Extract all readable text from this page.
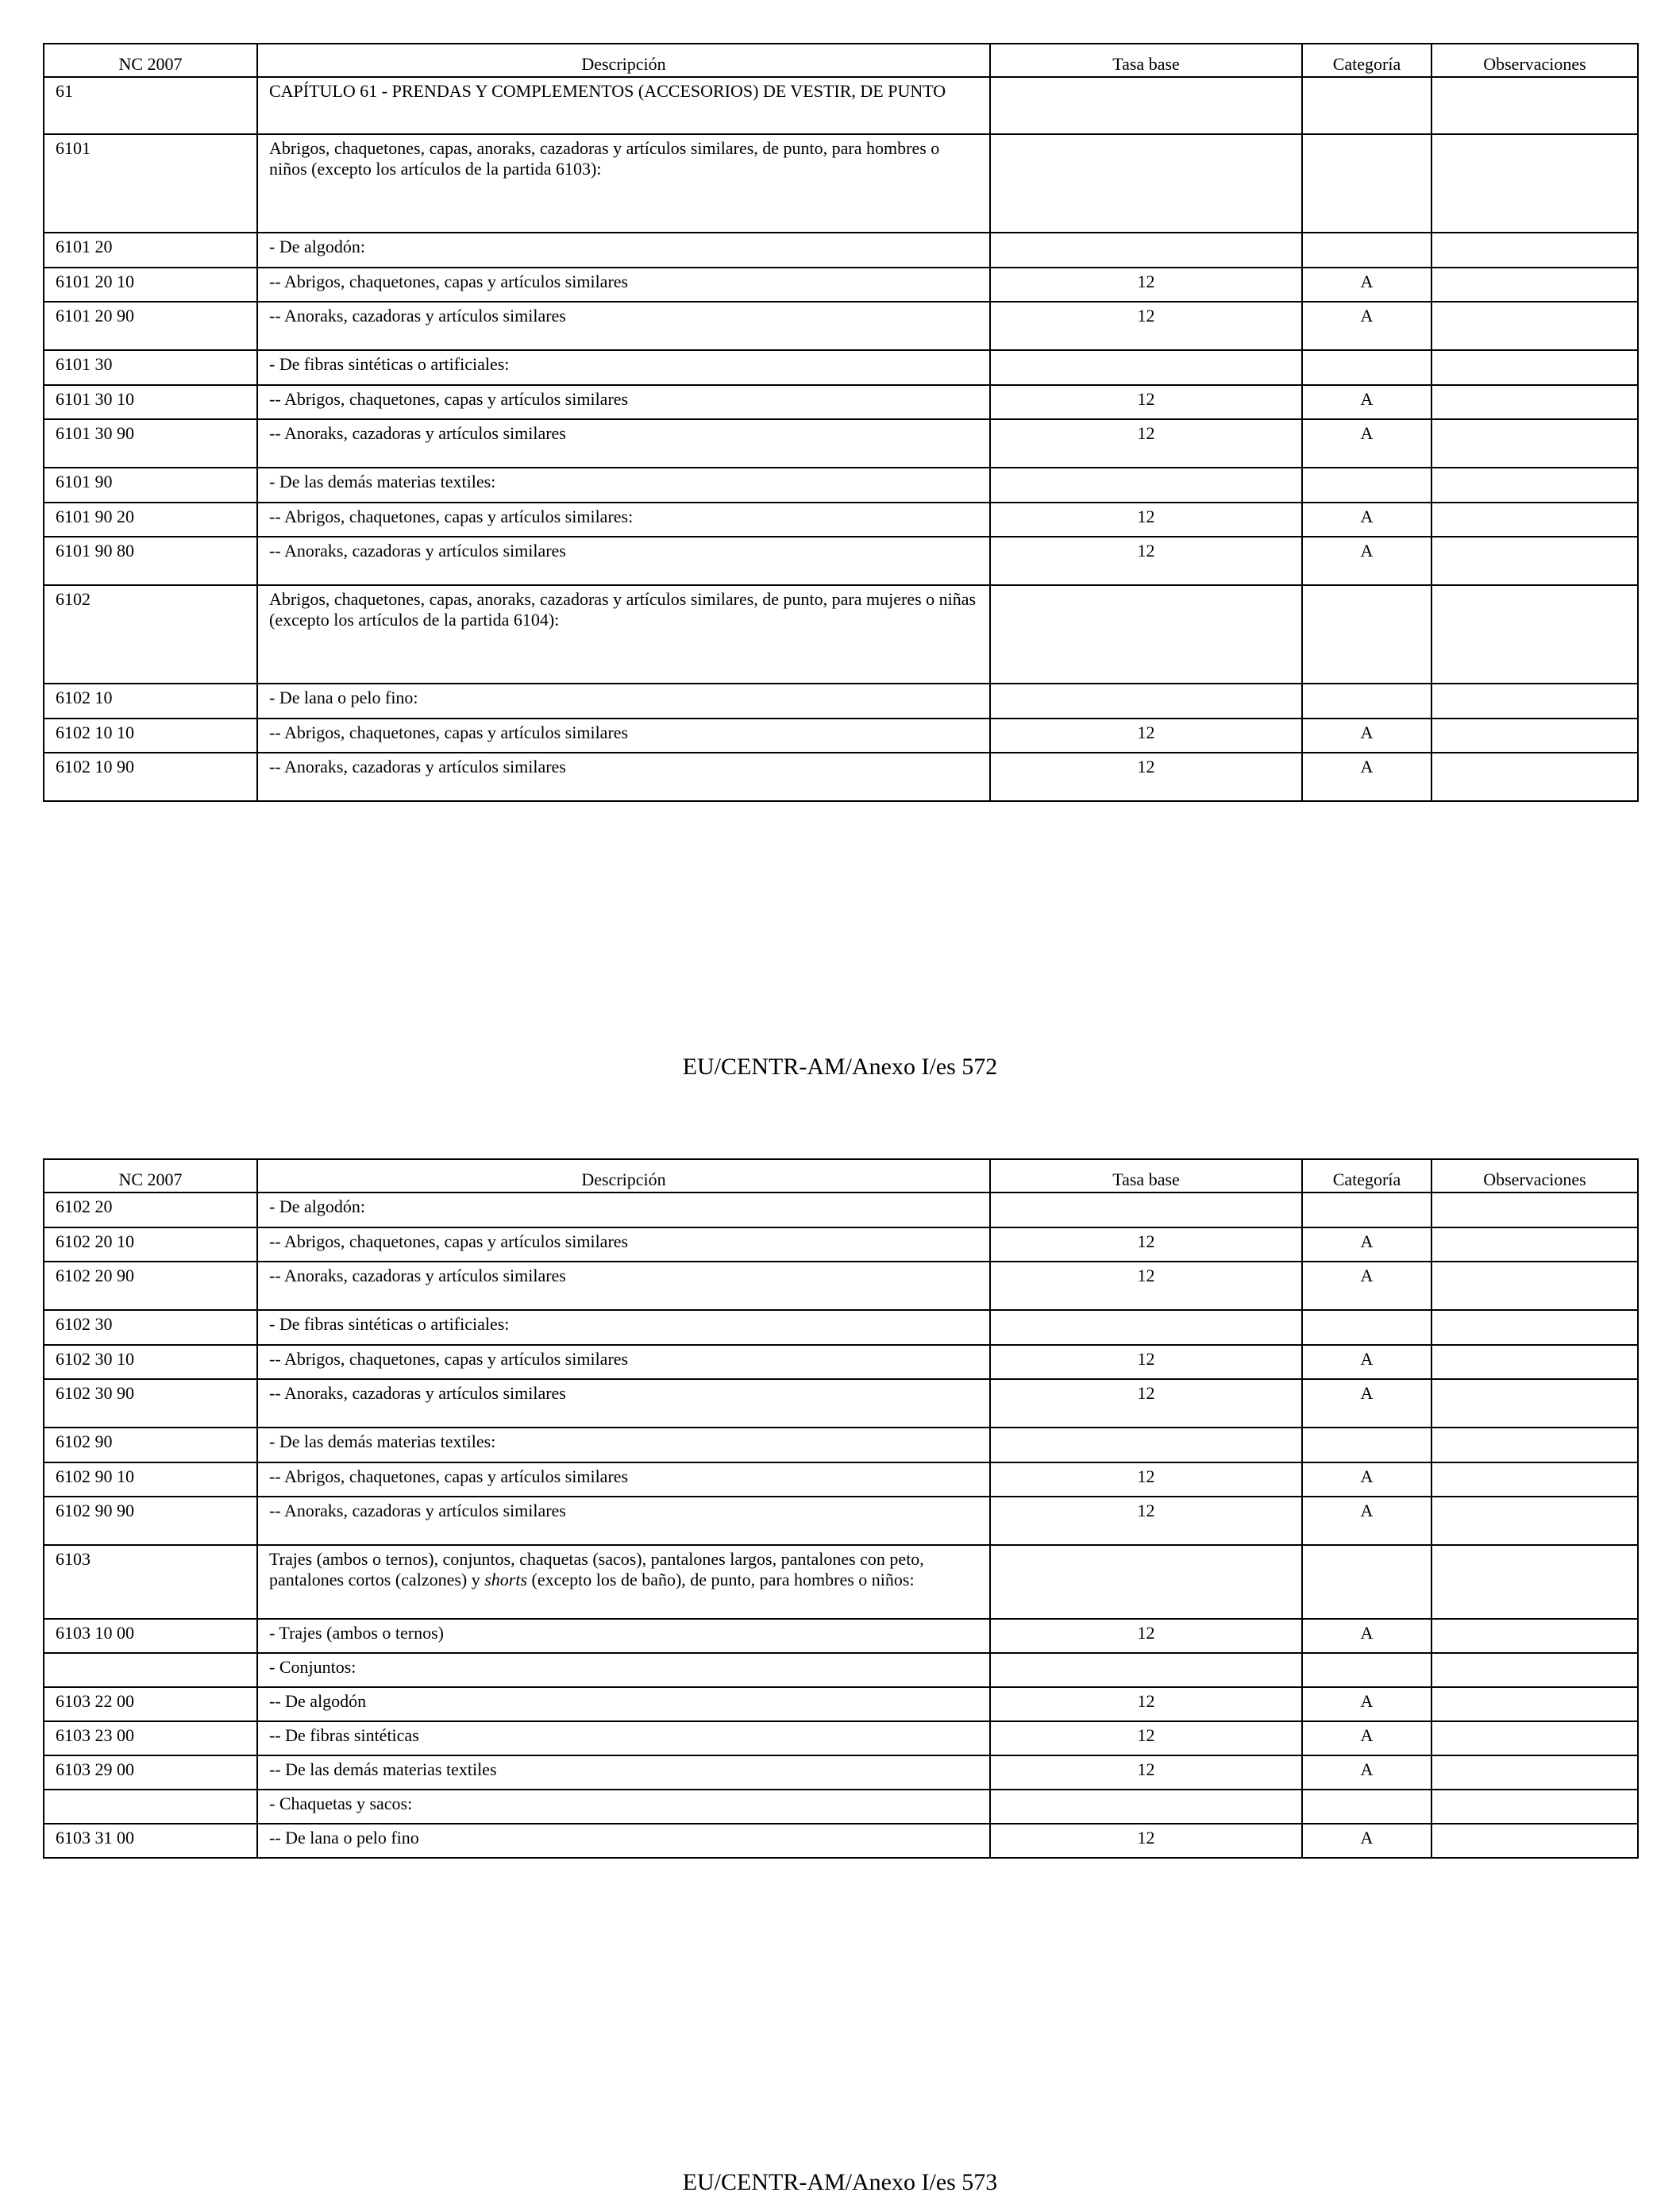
NC 2007	Descripción	Tasa base	Categoría	Observaciones
61	CAPÍTULO 61 - PRENDAS Y COMPLEMENTOS (ACCESORIOS) DE VESTIR, DE PUNTO			
6101	Abrigos, chaquetones, capas, anoraks, cazadoras y artículos similares, de punto, para hombres o niños (excepto los artículos de la partida 6103):			
6101 20	- De algodón:			
6101 20 10	-- Abrigos, chaquetones, capas y artículos similares	12	A	
6101 20 90	-- Anoraks, cazadoras y artículos similares	12	A	
6101 30	- De fibras sintéticas o artificiales:			
6101 30 10	-- Abrigos, chaquetones, capas y artículos similares	12	A	
6101 30 90	-- Anoraks, cazadoras y artículos similares	12	A	
6101 90	- De las demás materias textiles:			
6101 90 20	-- Abrigos, chaquetones, capas y artículos similares:	12	A	
6101 90 80	-- Anoraks, cazadoras y artículos similares	12	A	
6102	Abrigos, chaquetones, capas, anoraks, cazadoras y artículos similares, de punto, para mujeres o niñas (excepto los artículos de la partida 6104):			
6102 10	- De lana o pelo fino:			
6102 10 10	-- Abrigos, chaquetones, capas y artículos similares	12	A	
6102 10 90	-- Anoraks, cazadoras y artículos similares	12	A	
EU/CENTR-AM/Anexo I/es 572
NC 2007	Descripción	Tasa base	Categoría	Observaciones
6102 20	- De algodón:			
6102 20 10	-- Abrigos, chaquetones, capas y artículos similares	12	A	
6102 20 90	-- Anoraks, cazadoras y artículos similares	12	A	
6102 30	- De fibras sintéticas o artificiales:			
6102 30 10	-- Abrigos, chaquetones, capas y artículos similares	12	A	
6102 30 90	-- Anoraks, cazadoras y artículos similares	12	A	
6102 90	- De las demás materias textiles:			
6102 90 10	-- Abrigos, chaquetones, capas y artículos similares	12	A	
6102 90 90	-- Anoraks, cazadoras y artículos similares	12	A	
6103	Trajes (ambos o ternos), conjuntos, chaquetas (sacos), pantalones largos, pantalones con peto, pantalones cortos (calzones) y shorts (excepto los de baño), de punto, para hombres o niños:			
6103 10 00	- Trajes (ambos o ternos)	12	A	
	- Conjuntos:			
6103 22 00	-- De algodón	12	A	
6103 23 00	-- De fibras sintéticas	12	A	
6103 29 00	-- De las demás materias textiles	12	A	
	- Chaquetas y sacos:			
6103 31 00	-- De lana o pelo fino	12	A	
EU/CENTR-AM/Anexo I/es 573
